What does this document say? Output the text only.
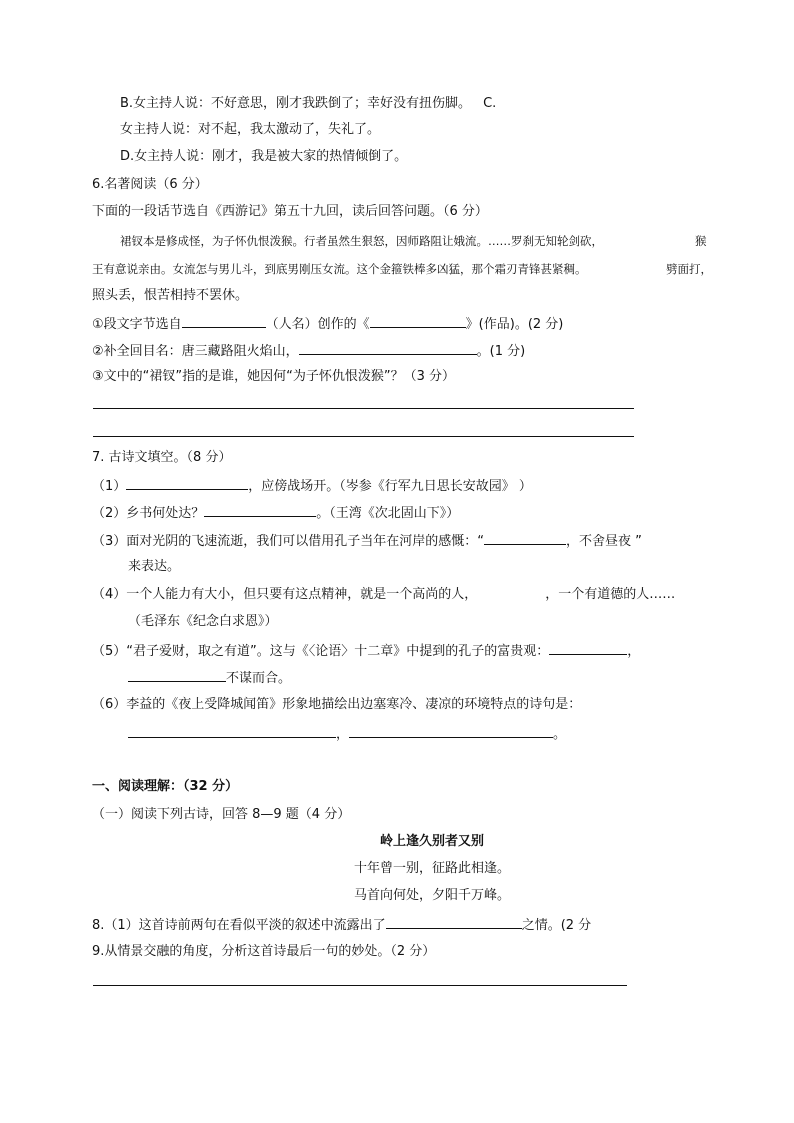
B.女主持人说：不好意思，刚才我跌倒了；幸好没有扭伤脚。 C.
女主持人说：对不起，我太激动了，失礼了。
D.女主持人说：刚才，我是被大家的热情倾倒了。
6.名著阅读（6 分）
下面的一段话节选自《西游记》第五十九回，读后回答问题。（6 分）
裙钗本是修成怪，为子怀仇恨泼猴。行者虽然生狠怒，因师路阻让娥流。……罗刹无知轮剑砍，	猴
王有意说亲由。女流怎与男儿斗，到底男刚压女流。这个金箍铁棒多凶猛，那个霜刃青锋甚紧稠。	劈面打，
照头丢，恨苦相持不罢休。
①段文字节选自	（人名）创作的《	》(作品)。(2 分)
②补全回目名：唐三藏路阻火焰山，	。(1 分)
③文中的“裙钗”指的是谁，她因何“为子怀仇恨泼猴”？（3 分）
7. 古诗文填空。（8 分）
（1）	，应傍战场开。（岑参《行军九日思长安故园》 ）
（2）乡书何处达？	。（王湾《次北固山下》）
（3）面对光阴的飞速流逝，我们可以借用孔子当年在河岸的感慨：“	，不舍昼夜 ”
来表达。
（4）一个人能力有大小，但只要有这点精神，就是一个高尚的人，	，一个有道德的人……
（毛泽东《纪念白求恩》）
（5）“君子爱财，取之有道”。这与《〈论语〉十二章》中提到的孔子的富贵观：	，
不谋而合。
（6）李益的《夜上受降城闻笛》形象地描绘出边塞寒冷、凄凉的环境特点的诗句是：
，	。
一、阅读理解：（32 分）
（一）阅读下列古诗，回答 8—9 题（4 分）
岭上逢久别者又别
十年曾一别，征路此相逢。
马首向何处，夕阳千万峰。
8.（1）这首诗前两句在看似平淡的叙述中流露出了	之情。(2 分
9.从情景交融的角度，分析这首诗最后一句的妙处。（2 分）
